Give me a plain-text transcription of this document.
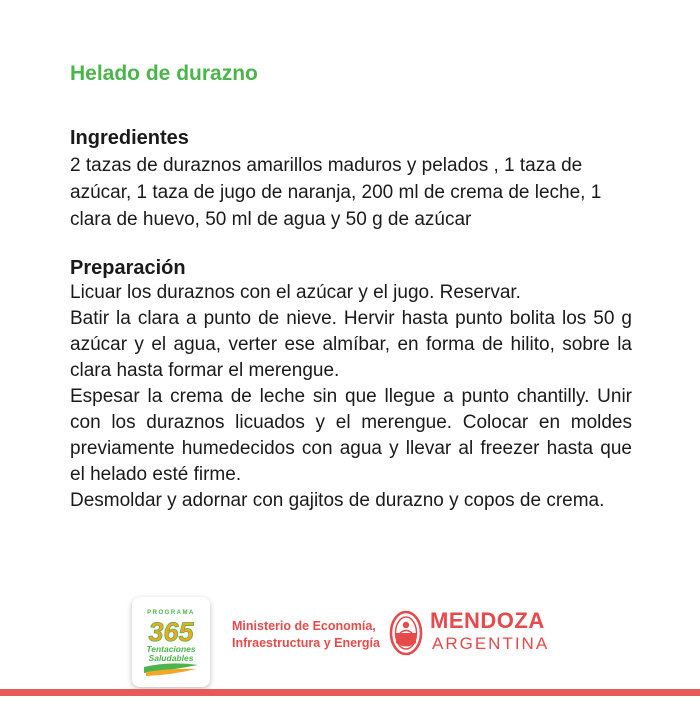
Helado de durazno
Ingredientes

2 tazas de duraznos amarillos maduros y pelados , 1 taza de azúcar, 1 taza de jugo de naranja, 200 ml de crema de leche, 1 clara de huevo, 50 ml de agua y 50 g de azúcar

Preparación

Licuar los duraznos con el azúcar y el jugo. Reservar.

Batir la clara a punto de nieve. Hervir hasta punto bolita los 50 g azúcar y el agua, verter ese almíbar, en forma de hilito, sobre la clara hasta formar el merengue.

Espesar la crema de leche sin que llegue a punto chantilly. Unir con los duraznos licuados y el merengue. Colocar en moldes previamente humedecidos con agua y llevar al freezer hasta que el helado esté firme.

Desmoldar y adornar con gajitos de durazno y copos de crema.

PROGRAMA
365
Tentaciones
Saludables
Ministerio de Economía,
Infraestructura y Energía
MENDOZA
ARGENTINA
